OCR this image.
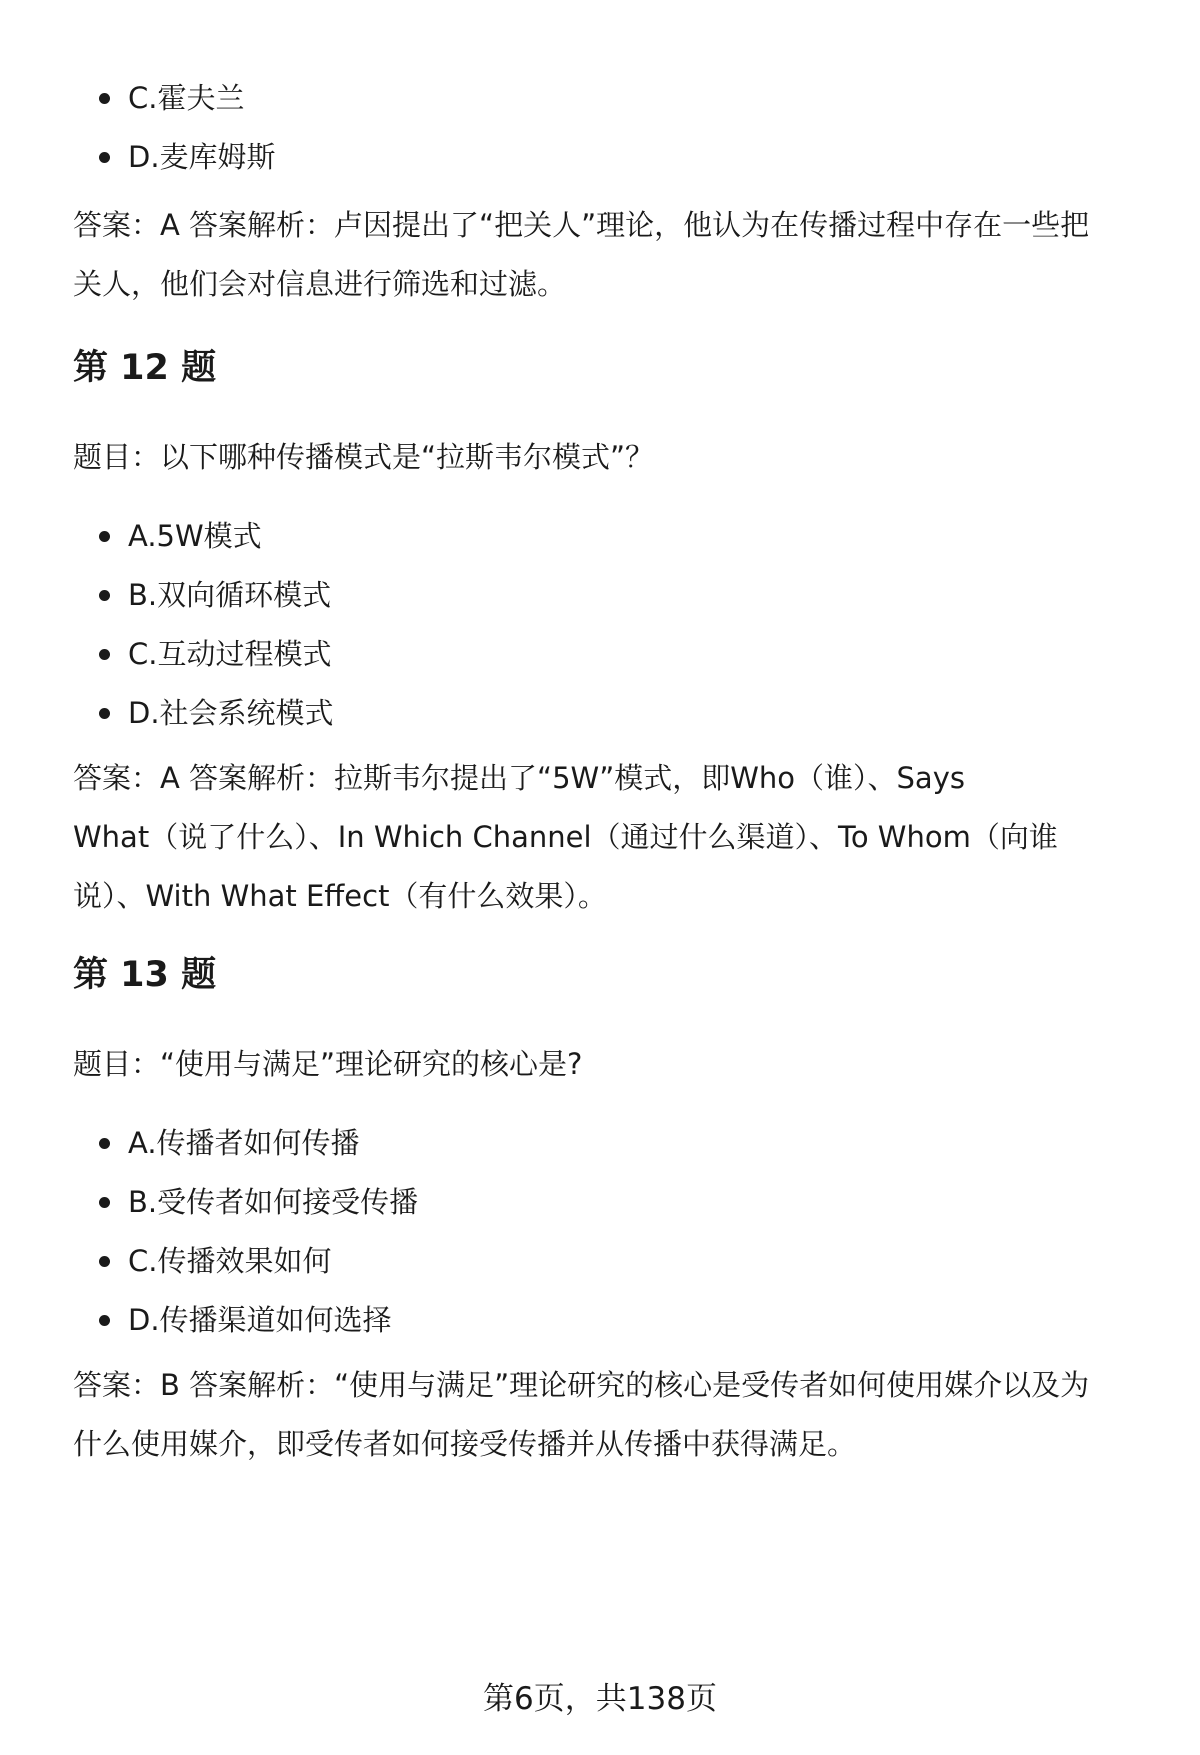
C.霍夫兰
D.麦库姆斯

答案：A 答案解析：卢因提出了“把关人”理论，他认为在传播过程中存在一些把

关人，他们会对信息进行筛选和过滤。

第 12 题

题目：以下哪种传播模式是“拉斯韦尔模式”？

A.5W模式
B.双向循环模式
C.互动过程模式
D.社会系统模式

答案：A 答案解析：拉斯韦尔提出了“5W”模式，即Who（谁）、Says

What（说了什么）、In Which Channel（通过什么渠道）、To Whom（向谁

说）、With What Effect（有什么效果）。

第 13 题

题目：“使用与满足”理论研究的核心是?

A.传播者如何传播
B.受传者如何接受传播
C.传播效果如何
D.传播渠道如何选择

答案：B 答案解析：“使用与满足”理论研究的核心是受传者如何使用媒介以及为

什么使用媒介，即受传者如何接受传播并从传播中获得满足。

第6页，共138页
